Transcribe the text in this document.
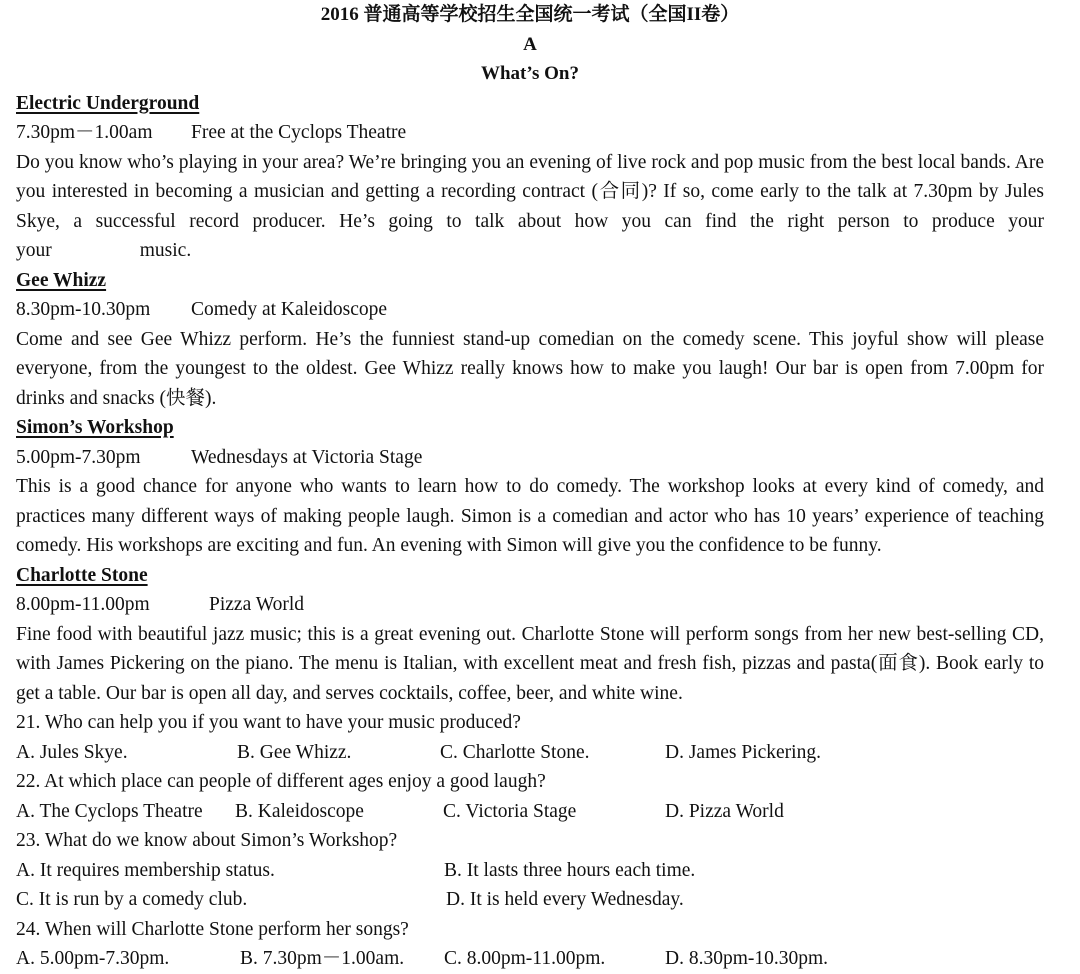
2016 普通高等学校招生全国统一考试（全国II卷）
A
What’s On?
Electric Underground
7.30pm－1.00am Free at the Cyclops Theatre
Do you know who’s playing in your area? We’re bringing you an evening of live rock and pop music from the best local bands. Are you interested in becoming a musician and getting a recording contract (合同)? If so, come early to the talk at 7.30pm by Jules Skye, a successful record producer. He’s going to talk about how you can find the right person to produce your
your	music.
Gee Whizz
8.30pm-10.30pm Comedy at Kaleidoscope
Come and see Gee Whizz perform. He’s the funniest stand-up comedian on the comedy scene. This joyful show will please everyone, from the youngest to the oldest. Gee Whizz really knows how to make you laugh! Our bar is open from 7.00pm for drinks and snacks (快餐).
Simon’s Workshop
5.00pm-7.30pm	Wednesdays at Victoria Stage
This is a good chance for anyone who wants to learn how to do comedy. The workshop looks at every kind of comedy, and practices many different ways of making people laugh. Simon is a comedian and actor who has 10 years’ experience of teaching comedy. His workshops are exciting and fun. An evening with Simon will give you the confidence to be funny.
Charlotte Stone
8.00pm-11.00pm	Pizza World
Fine food with beautiful jazz music; this is a great evening out. Charlotte Stone will perform songs from her new best-selling CD, with James Pickering on the piano. The menu is Italian, with excellent meat and fresh fish, pizzas and pasta(面食). Book early to get a table. Our bar is open all day, and serves cocktails, coffee, beer, and white wine.
21. Who can help you if you want to have your music produced?
A. Jules Skye.	B. Gee Whizz.	C. Charlotte Stone.	D. James Pickering.
22. At which place can people of different ages enjoy a good laugh?
A. The Cyclops Theatre B. Kaleidoscope	C. Victoria Stage	D. Pizza World
23. What do we know about Simon’s Workshop?
A. It requires membership status.	B. It lasts three hours each time.
C. It is run by a comedy club.	D. It is held every Wednesday.
24. When will Charlotte Stone perform her songs?
A. 5.00pm-7.30pm.	B. 7.30pm－1.00am. C. 8.00pm-11.00pm.	D. 8.30pm-10.30pm.
